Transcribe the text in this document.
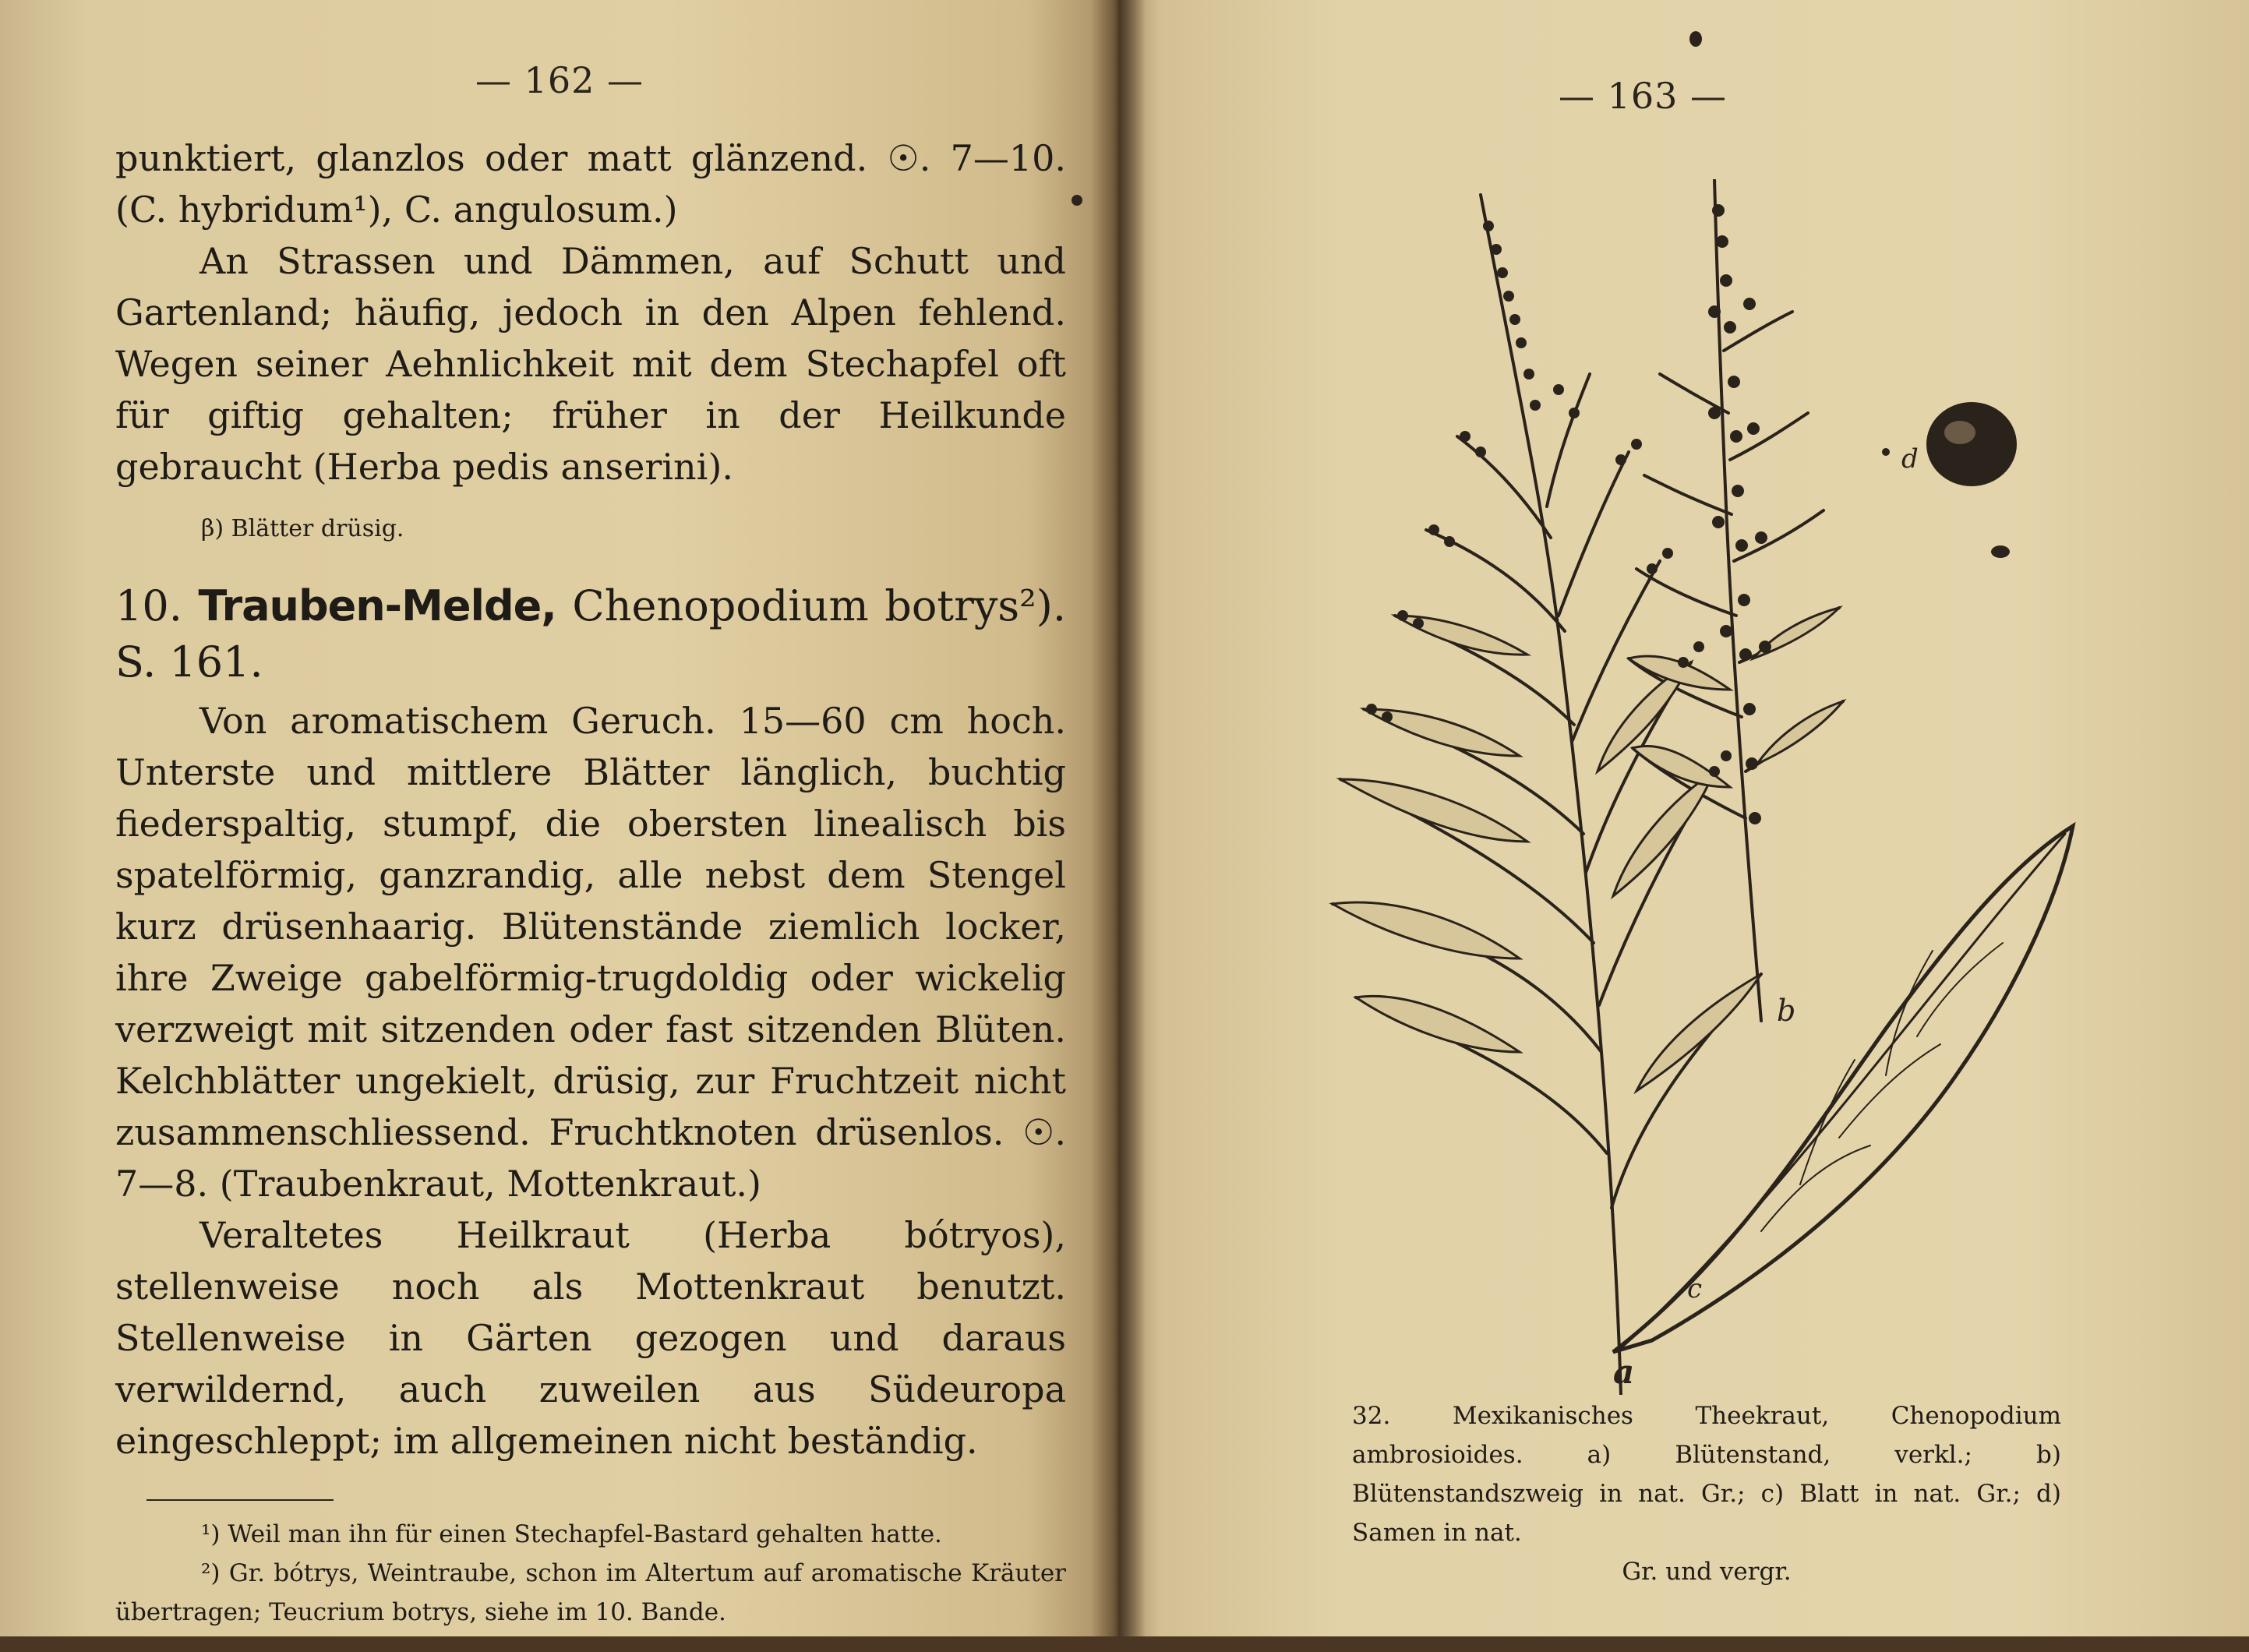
— 162 —

punktiert, glanzlos oder matt glänzend. ☉. 7—10. (C. hybridum¹), C. angulosum.)

An Strassen und Dämmen, auf Schutt und Gartenland; häufig, jedoch in den Alpen fehlend. Wegen seiner Aehnlichkeit mit dem Stechapfel oft für giftig gehalten; früher in der Heilkunde gebraucht (Herba pedis anserini).

β) Blätter drüsig.

10. Trauben-Melde, Chenopodium botrys²). S. 161.

Von aromatischem Geruch. 15—60 cm hoch. Unterste und mittlere Blätter länglich, buchtig fiederspaltig, stumpf, die obersten linealisch bis spatelförmig, ganzrandig, alle nebst dem Stengel kurz drüsenhaarig. Blütenstände ziemlich locker, ihre Zweige gabelförmig-trugdoldig oder wickelig verzweigt mit sitzenden oder fast sitzenden Blüten. Kelchblätter ungekielt, drüsig, zur Fruchtzeit nicht zusammenschliessend. Fruchtknoten drüsenlos. ☉. 7—8. (Traubenkraut, Mottenkraut.)

Veraltetes Heilkraut (Herba bótryos), stellenweise noch als Mottenkraut benutzt. Stellenweise in Gärten gezogen und daraus verwildernd, auch zuweilen aus Südeuropa eingeschleppt; im allgemeinen nicht beständig.

¹) Weil man ihn für einen Stechapfel-Bastard gehalten hatte.

²) Gr. bótrys, Weintraube, schon im Altertum auf aromatische Kräuter übertragen; Teucrium botrys, siehe im 10. Bande.

— 163 —
a
b
c
d

32. Mexikanisches Theekraut, Chenopodium ambrosioides. a) Blütenstand, verkl.; b) Blütenstandszweig in nat. Gr.; c) Blatt in nat. Gr.; d) Samen in nat.

Gr. und vergr.
